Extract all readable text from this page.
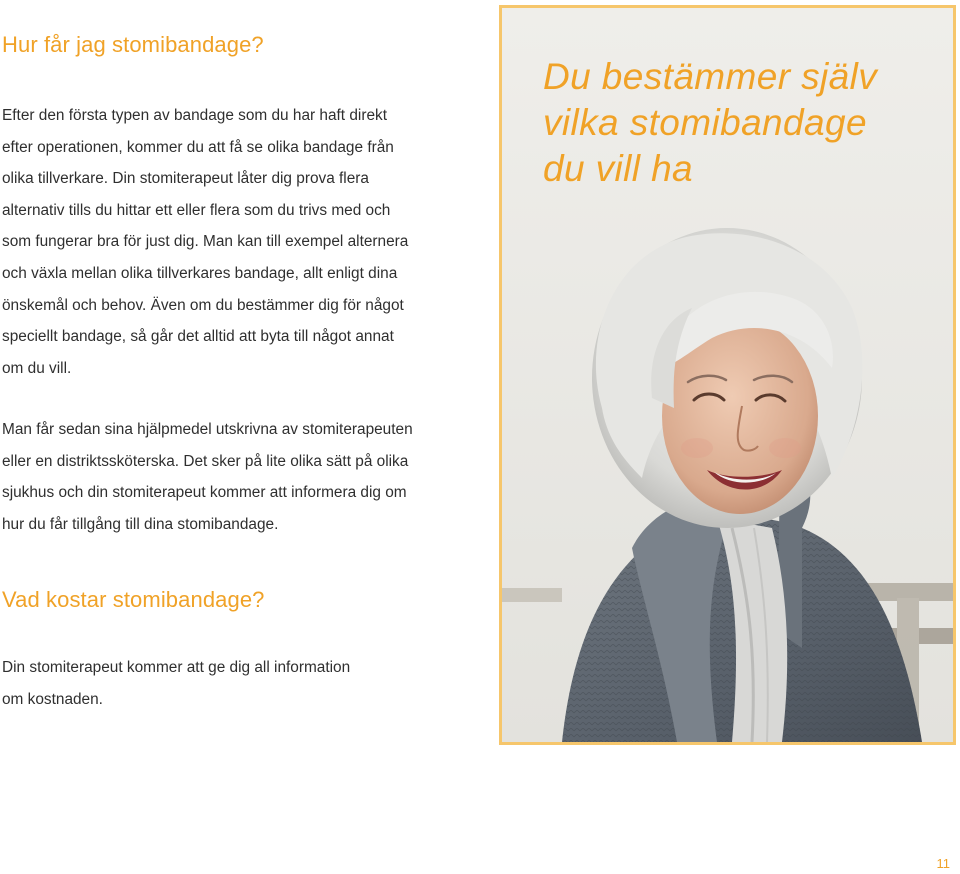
Hur får jag stomibandage?

Efter den första typen av bandage som du har haft direkt
efter operationen, kommer du att få se olika bandage från
olika tillverkare. Din stomiterapeut låter dig prova flera
alternativ tills du hittar ett eller flera som du trivs med och
som fungerar bra för just dig. Man kan till exempel alternera
och växla mellan olika tillverkares bandage, allt enligt dina
önskemål och behov. Även om du bestämmer dig för något
speciellt bandage, så går det alltid att byta till något annat
om du vill.

Man får sedan sina hjälpmedel utskrivna av stomiterapeuten
eller en distriktssköterska. Det sker på lite olika sätt på olika
sjukhus och din stomiterapeut kommer att informera dig om
hur du får tillgång till dina stomibandage.

Vad kostar stomibandage?

Din stomiterapeut kommer att ge dig all information
om kostnaden.

Du bestämmer själv
vilka stomibandage
du vill ha

11
